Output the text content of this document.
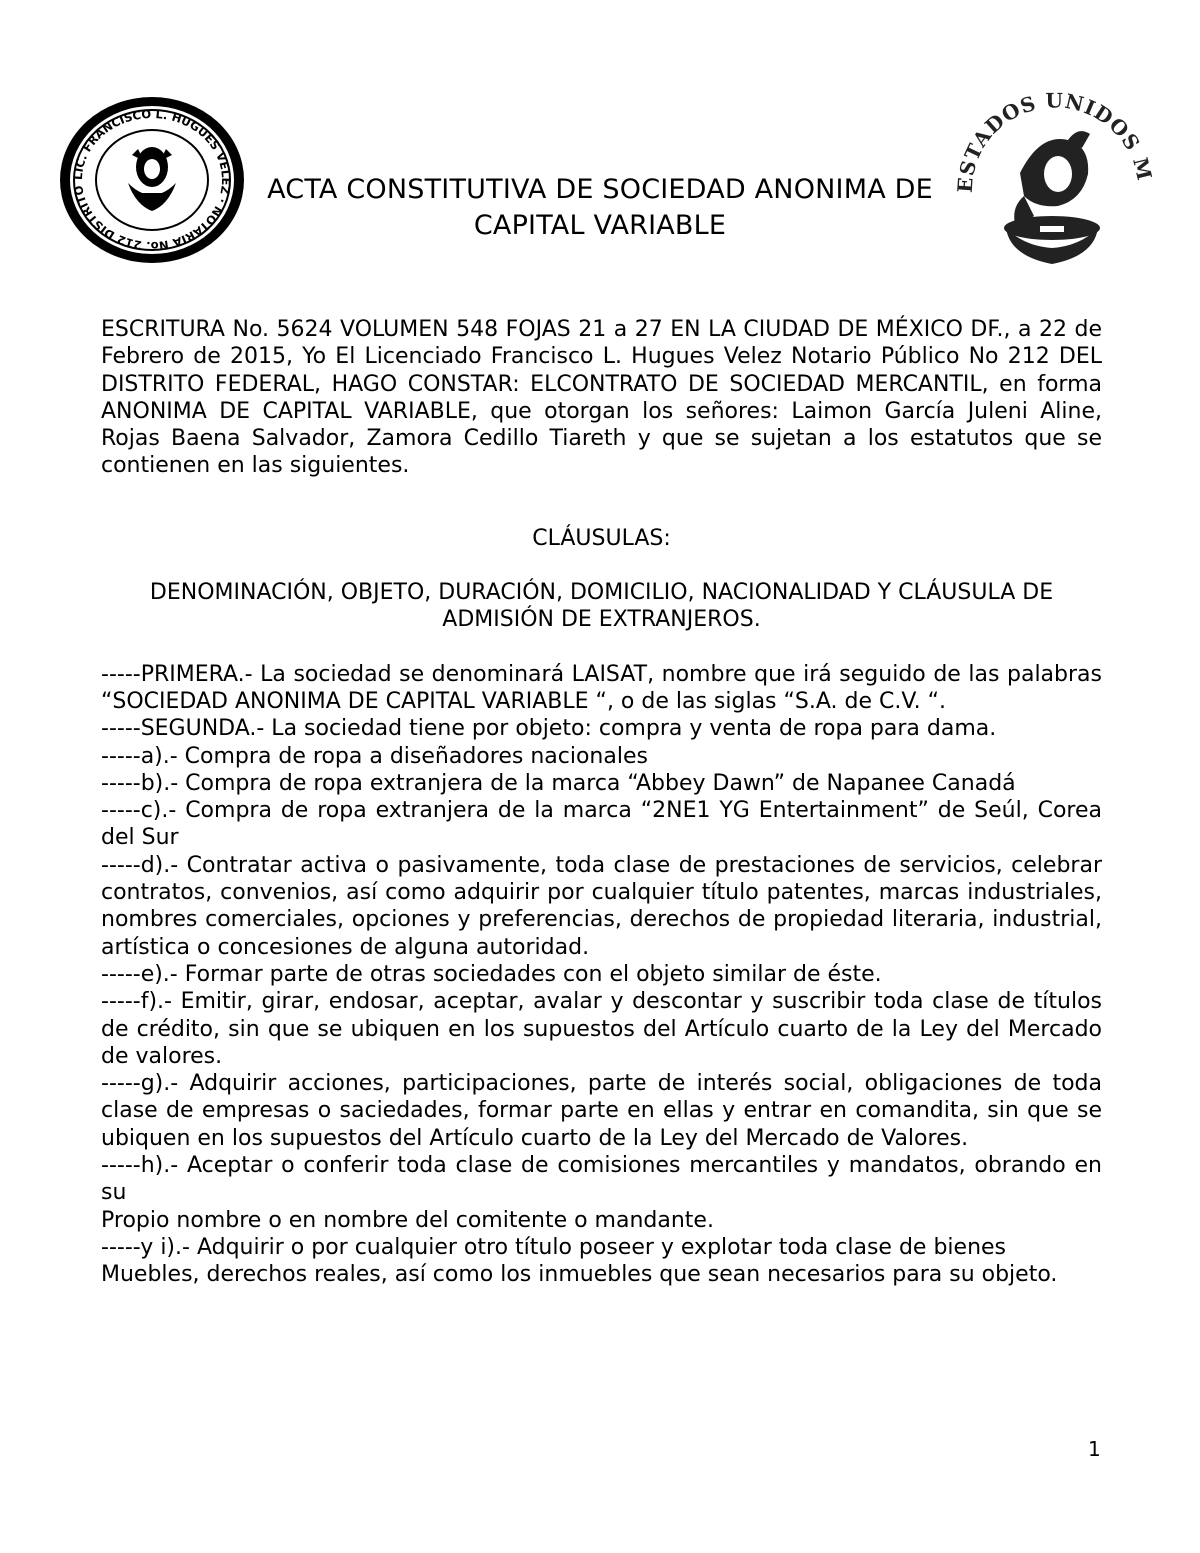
LIC. FRANCISCO L. HUGUES VELEZ · NOTARIA No. 212 DISTRITO	ESTADOS UNIDOS M
ACTA CONSTITUTIVA DE SOCIEDAD ANONIMA DE
CAPITAL VARIABLE

ESCRITURA No. 5624 VOLUMEN 548 FOJAS 21 a 27 EN LA CIUDAD DE MÉXICO DF., a 22 de Febrero de 2015, Yo El Licenciado Francisco L. Hugues Velez Notario Público No 212 DEL DISTRITO FEDERAL, HAGO CONSTAR: ELCONTRATO DE SOCIEDAD MERCANTIL, en forma ANONIMA DE CAPITAL VARIABLE, que otorgan los señores: Laimon García Juleni Aline, Rojas Baena Salvador, Zamora Cedillo Tiareth y que se sujetan a los estatutos que se contienen en las siguientes.

CLÁUSULAS:

DENOMINACIÓN, OBJETO, DURACIÓN, DOMICILIO, NACIONALIDAD Y CLÁUSULA DE
ADMISIÓN DE EXTRANJEROS.

-----PRIMERA.- La sociedad se denominará LAISAT, nombre que irá seguido de las palabras “SOCIEDAD ANONIMA DE CAPITAL VARIABLE “, o de las siglas “S.A. de C.V. “.

-----SEGUNDA.- La sociedad tiene por objeto: compra y venta de ropa para dama.

-----a).- Compra de ropa a diseñadores nacionales

-----b).- Compra de ropa extranjera de la marca “Abbey Dawn” de Napanee Canadá

-----c).- Compra de ropa extranjera de la marca “2NE1 YG Entertainment” de Seúl, Corea del Sur

-----d).- Contratar activa o pasivamente, toda clase de prestaciones de servicios, celebrar contratos, convenios, así como adquirir por cualquier título patentes, marcas industriales, nombres comerciales, opciones y preferencias, derechos de propiedad literaria, industrial, artística o concesiones de alguna autoridad.

-----e).- Formar parte de otras sociedades con el objeto similar de éste.

-----f).- Emitir, girar, endosar, aceptar, avalar y descontar y suscribir toda clase de títulos de crédito, sin que se ubiquen en los supuestos del Artículo cuarto de la Ley del Mercado de valores.

-----g).- Adquirir acciones, participaciones, parte de interés social, obligaciones de toda clase de empresas o saciedades, formar parte en ellas y entrar en comandita, sin que se ubiquen en los supuestos del Artículo cuarto de la Ley del Mercado de Valores.

-----h).- Aceptar o conferir toda clase de comisiones mercantiles y mandatos, obrando en su

Propio nombre o en nombre del comitente o mandante.

-----y i).- Adquirir o por cualquier otro título poseer y explotar toda clase de bienes

Muebles, derechos reales, así como los inmuebles que sean necesarios para su objeto.

1
